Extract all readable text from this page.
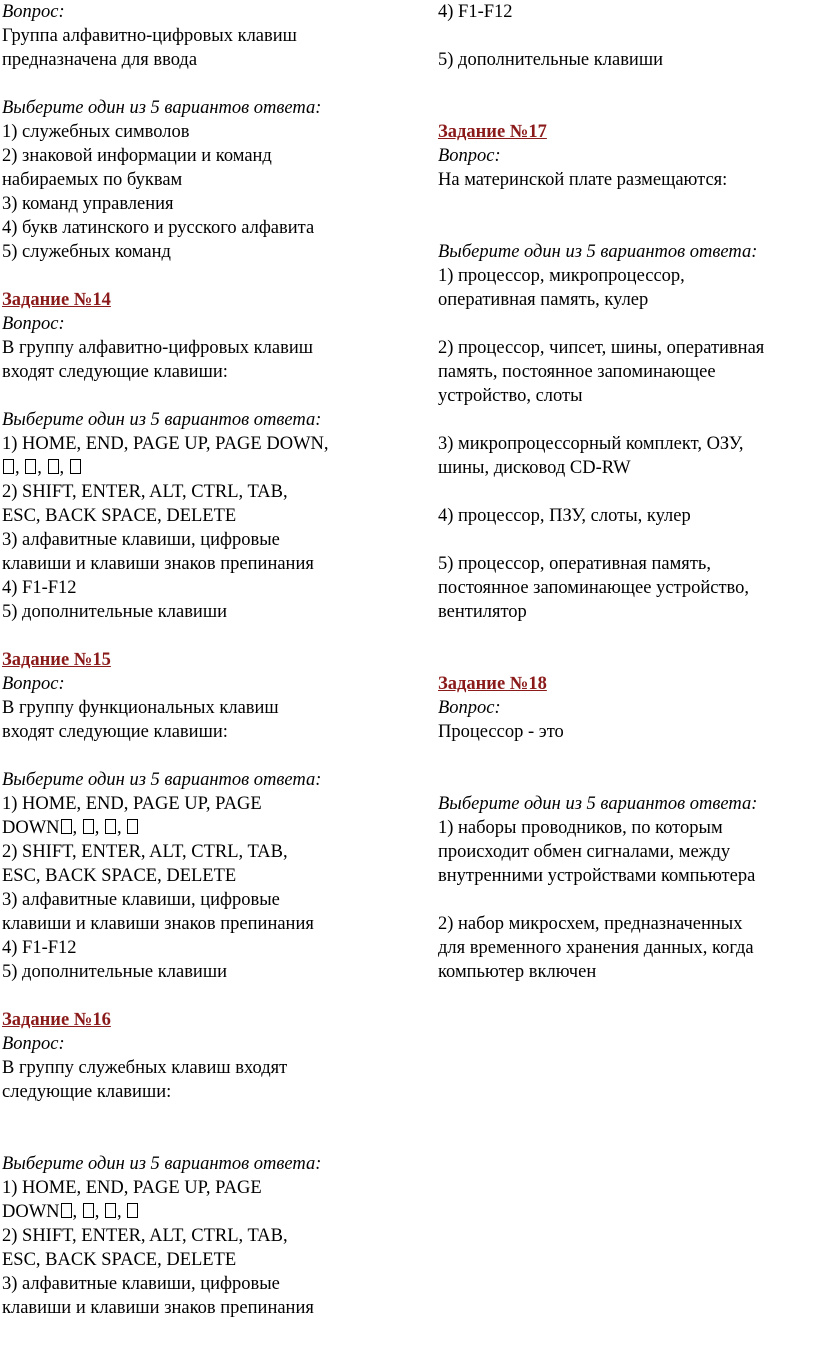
Вопрос:
Группа алфавитно-цифровых клавиш
предназначена для ввода
Выберите один из 5 вариантов ответа:
1) служебных символов
2) знаковой информации и команд
набираемых по буквам
3) команд управления
4) букв латинского и русского алфавита
5) служебных команд
Задание №14
Вопрос:
В группу алфавитно-цифровых клавиш
входят следующие клавиши:
Выберите один из 5 вариантов ответа:
1) HOME, END, PAGE UP, PAGE DOWN,
, , ,
2) SHIFT, ENTER, ALT, CTRL, TAB,
ESC, BACK SPACE, DELETE
3) алфавитные клавиши, цифровые
клавиши и клавиши знаков препинания
4) F1-F12
5) дополнительные клавиши
Задание №15
Вопрос:
В группу функциональных клавиш
входят следующие клавиши:
Выберите один из 5 вариантов ответа:
1) HOME, END, PAGE UP, PAGE
DOWN , , ,
2) SHIFT, ENTER, ALT, CTRL, TAB,
ESC, BACK SPACE, DELETE
3) алфавитные клавиши, цифровые
клавиши и клавиши знаков препинания
4) F1-F12
5) дополнительные клавиши
Задание №16
Вопрос:
В группу служебных клавиш входят
следующие клавиши:
Выберите один из 5 вариантов ответа:
1) HOME, END, PAGE UP, PAGE
DOWN , , ,
2) SHIFT, ENTER, ALT, CTRL, TAB,
ESC, BACK SPACE, DELETE
3) алфавитные клавиши, цифровые
клавиши и клавиши знаков препинания
4) F1-F12
5) дополнительные клавиши
Задание №17
Вопрос:
На материнской плате размещаются:
Выберите один из 5 вариантов ответа:
1) процессор, микропроцессор,
оперативная память, кулер
2) процессор, чипсет, шины, оперативная
память, постоянное запоминающее
устройство, слоты
3) микропроцессорный комплект, ОЗУ,
шины, дисковод CD-RW
4) процессор, ПЗУ, слоты, кулер
5) процессор, оперативная память,
постоянное запоминающее устройство,
вентилятор
Задание №18
Вопрос:
Процессор - это
Выберите один из 5 вариантов ответа:
1) наборы проводников, по которым
происходит обмен сигналами, между
внутренними устройствами компьютера
2) набор микросхем, предназначенных
для временного хранения данных, когда
компьютер включен
